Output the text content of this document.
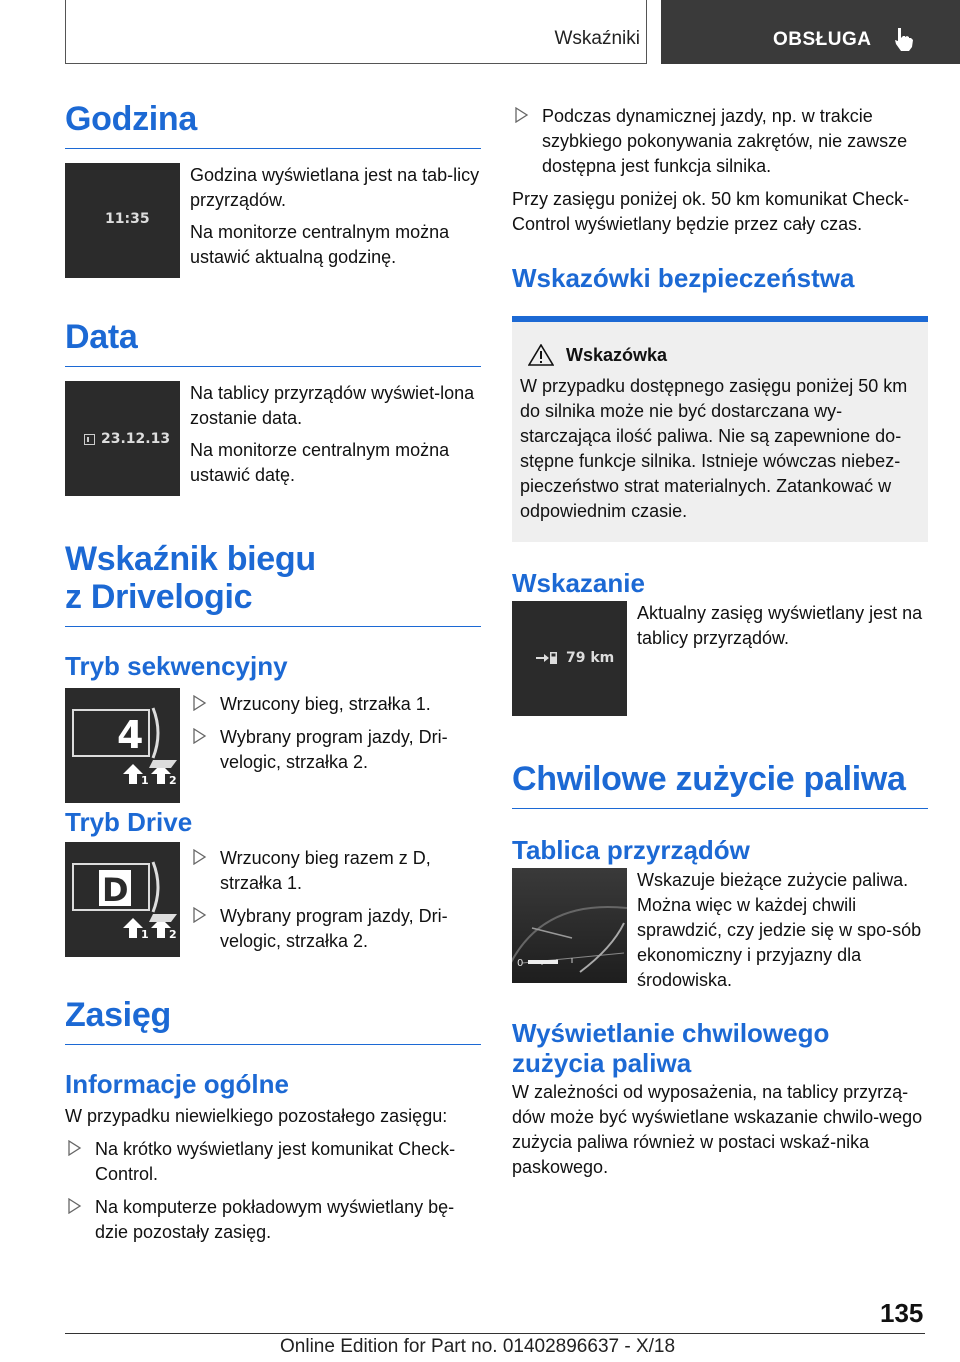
Wskaźniki	OBSŁUGA
Godzina
11:35

Godzina wyświetlana jest na tab-licy przyrządów.

Na monitorze centralnym można ustawić aktualną godzinę.

Data
23.12.13

Na tablicy przyrządów wyświet-lona zostanie data.

Na monitorze centralnym można ustawić datę.

Wskaźnik biegu
z Drivelogic
Tryb sekwencyjny
1 2
4
Wrzucony bieg, strzałka 1.
Wybrany program jazdy, Dri-velogic, strzałka 2.
Tryb Drive
1 2
D
Wrzucony bieg razem z D, strzałka 1.
Wybrany program jazdy, Dri-velogic, strzałka 2.
Zasięg
Informacje ogólne

W przypadku niewielkiego pozostałego zasięgu:

Na krótko wyświetlany jest komunikat Check-Control.
Na komputerze pokładowym wyświetlany bę-dzie pozostały zasięg.
Podczas dynamicznej jazdy, np. w trakcie szybkiego pokonywania zakrętów, nie zawsze dostępna jest funkcja silnika.

Przy zasięgu poniżej ok. 50 km komunikat Check-Control wyświetlany będzie przez cały czas.

Wskazówki bezpieczeństwa
Wskazówka

W przypadku dostępnego zasięgu poniżej 50 km do silnika może nie być dostarczana wy-starczająca ilość paliwa. Nie są zapewnione do-stępne funkcje silnika. Istnieje wówczas niebez-pieczeństwo strat materialnych. Zatankować w odpowiednim czasie.

Wskazanie
79 km

Aktualny zasięg wyświetlany jest na tablicy przyrządów.

Chwilowe zużycie paliwa
Tablica przyrządów
0

Wskazuje bieżące zużycie paliwa. Można więc w każdej chwili sprawdzić, czy jedzie się w spo-sób ekonomiczny i przyjazny dla środowiska.

Wyświetlanie chwilowego
zużycia paliwa

W zależności od wyposażenia, na tablicy przyrzą-dów może być wyświetlane wskazanie chwilo-wego zużycia paliwa również w postaci wskaź-nika paskowego.

135
Online Edition for Part no. 01402896637 - X/18
